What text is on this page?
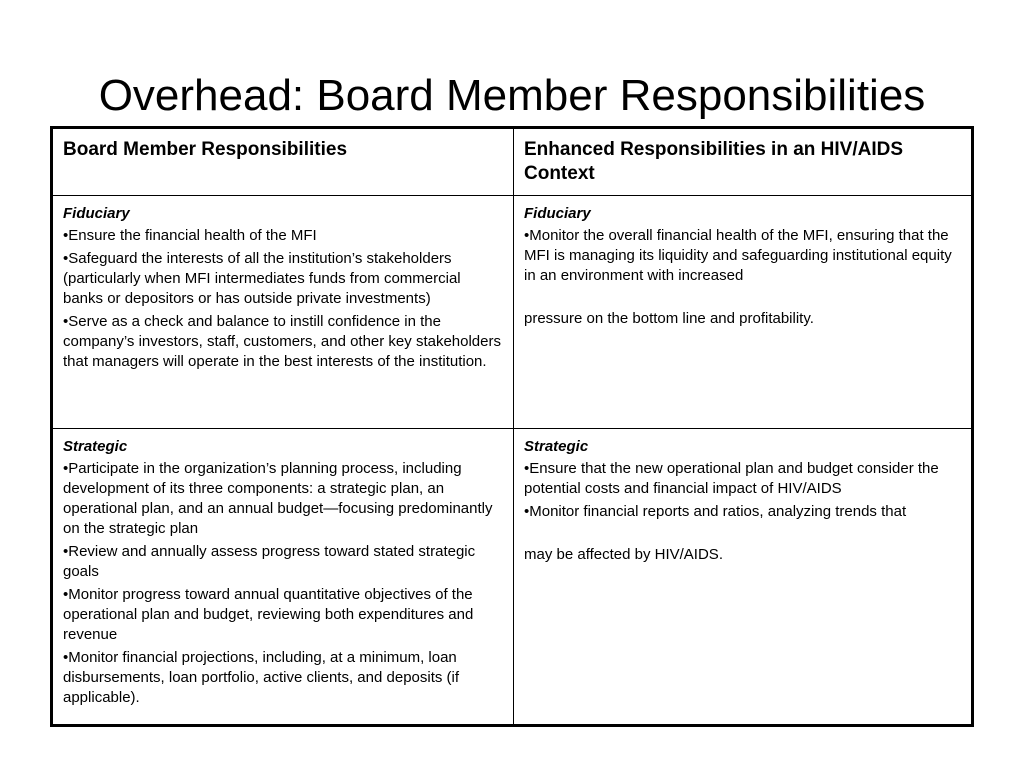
Overhead: Board Member Responsibilities
Board Member Responsibilities	Enhanced Responsibilities in an HIV/AIDS Context
Fiduciary
•Ensure the financial health of the MFI
•Safeguard the interests of all the institution’s stakeholders (particularly when MFI intermediates funds from commercial banks or depositors or has outside private investments)
•Serve as a check and balance to instill confidence in the company’s investors, staff, customers, and other key stakeholders that managers will operate in the best interests of the institution.
Fiduciary
•Monitor the overall financial health of the MFI, ensuring that the MFI is managing its liquidity and safeguarding institutional equity in an environment with increased
pressure on the bottom line and profitability.
Strategic
•Participate in the organization’s planning process, including development of its three components: a strategic plan, an operational plan, and an annual budget—focusing predominantly on the strategic plan
•Review and annually assess progress toward stated strategic goals
•Monitor progress toward annual quantitative objectives of the operational plan and budget, reviewing both expenditures and revenue
•Monitor financial projections, including, at a minimum, loan disbursements, loan portfolio, active clients, and deposits (if applicable).
Strategic
•Ensure that the new operational plan and budget consider the potential costs and financial impact of HIV/AIDS
•Monitor financial reports and ratios, analyzing trends that
may be affected by HIV/AIDS.
